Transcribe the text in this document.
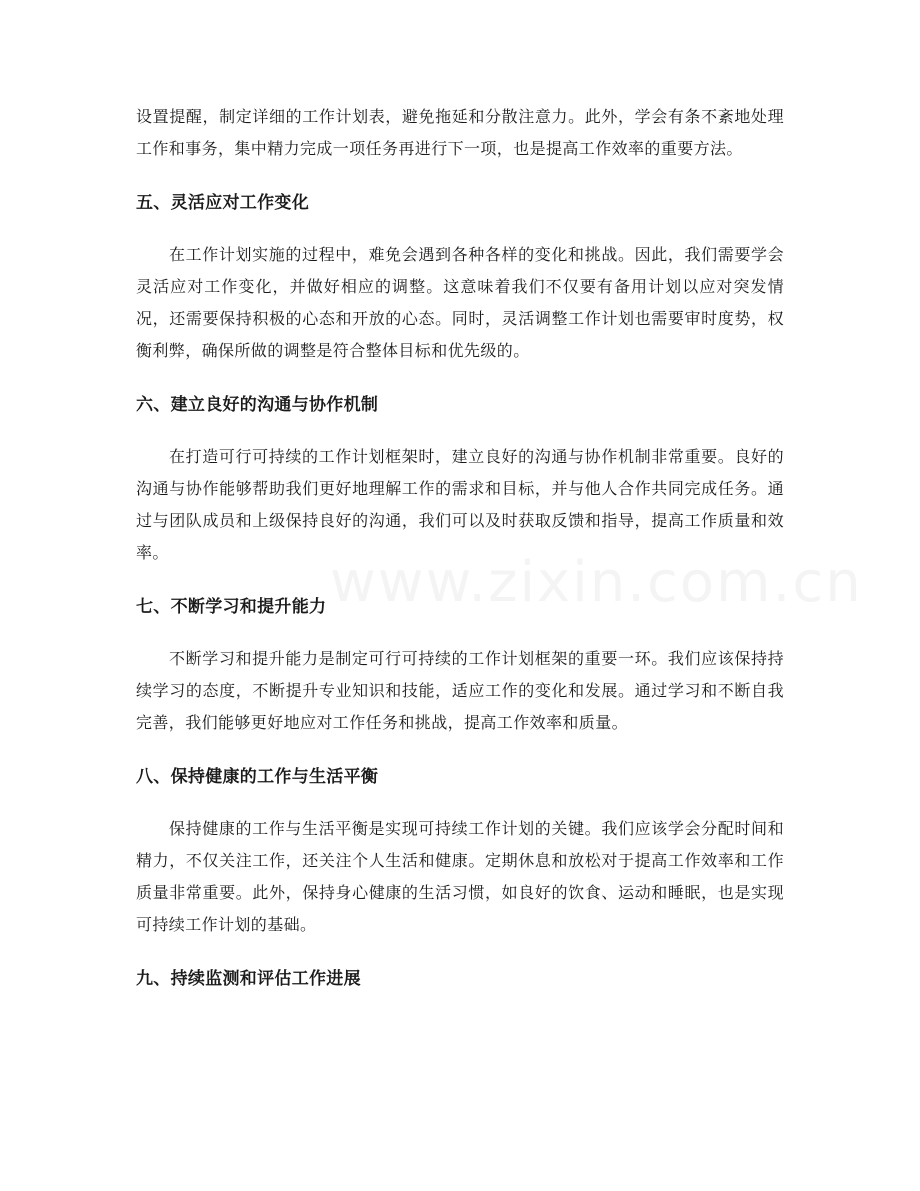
设置提醒，制定详细的工作计划表，避免拖延和分散注意力。此外，学会有条不紊地处理工作和事务，集中精力完成一项任务再进行下一项，也是提高工作效率的重要方法。

五、灵活应对工作变化

在工作计划实施的过程中，难免会遇到各种各样的变化和挑战。因此，我们需要学会灵活应对工作变化，并做好相应的调整。这意味着我们不仅要有备用计划以应对突发情况，还需要保持积极的心态和开放的心态。同时，灵活调整工作计划也需要审时度势，权衡利弊，确保所做的调整是符合整体目标和优先级的。

六、建立良好的沟通与协作机制

在打造可行可持续的工作计划框架时，建立良好的沟通与协作机制非常重要。良好的沟通与协作能够帮助我们更好地理解工作的需求和目标，并与他人合作共同完成任务。通过与团队成员和上级保持良好的沟通，我们可以及时获取反馈和指导，提高工作质量和效率。

七、不断学习和提升能力

不断学习和提升能力是制定可行可持续的工作计划框架的重要一环。我们应该保持持续学习的态度，不断提升专业知识和技能，适应工作的变化和发展。通过学习和不断自我完善，我们能够更好地应对工作任务和挑战，提高工作效率和质量。

八、保持健康的工作与生活平衡

保持健康的工作与生活平衡是实现可持续工作计划的关键。我们应该学会分配时间和精力，不仅关注工作，还关注个人生活和健康。定期休息和放松对于提高工作效率和工作质量非常重要。此外，保持身心健康的生活习惯，如良好的饮食、运动和睡眠，也是实现可持续工作计划的基础。

九、持续监测和评估工作进展
